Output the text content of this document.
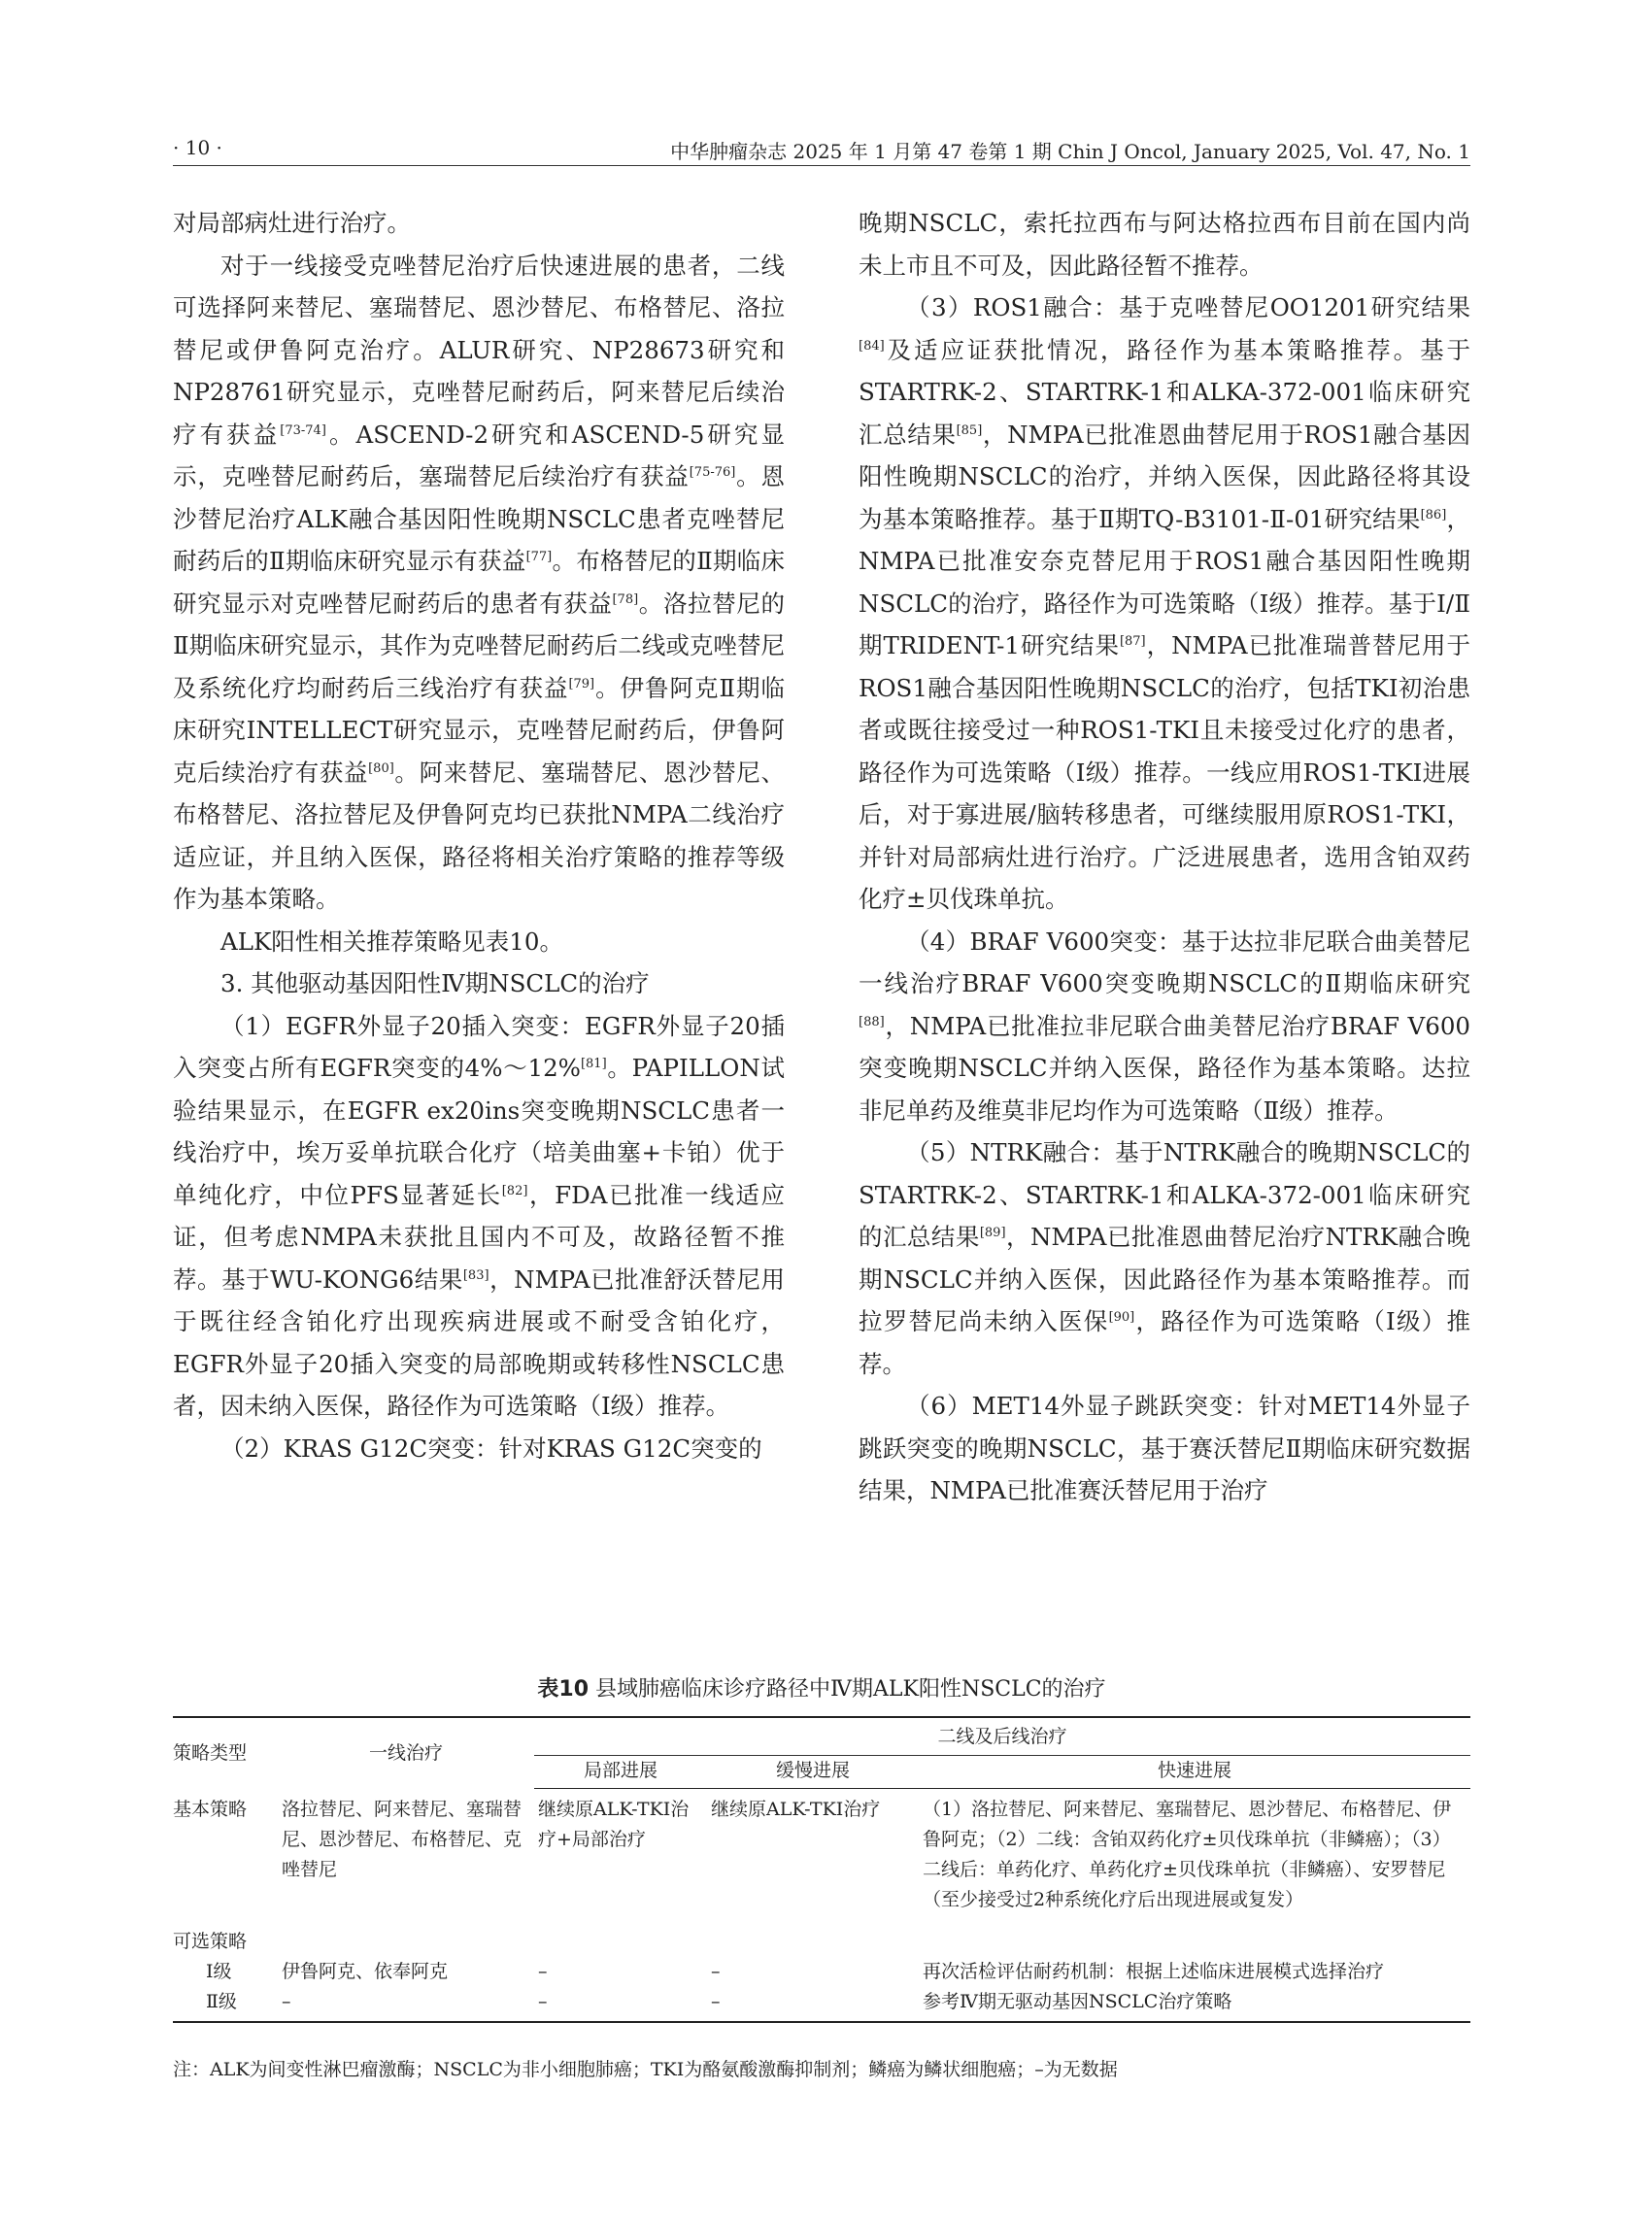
· 10 ·	中华肿瘤杂志 2025 年 1 月第 47 卷第 1 期 Chin J Oncol, January 2025, Vol. 47, No. 1

对局部病灶进行治疗。

对于一线接受克唑替尼治疗后快速进展的患者，二线可选择阿来替尼、塞瑞替尼、恩沙替尼、布格替尼、洛拉替尼或伊鲁阿克治疗。ALUR研究、NP28673研究和NP28761研究显示，克唑替尼耐药后，阿来替尼后续治疗有获益[73-74]。ASCEND-2研究和ASCEND-5研究显示，克唑替尼耐药后，塞瑞替尼后续治疗有获益[75-76]。恩沙替尼治疗ALK融合基因阳性晚期NSCLC患者克唑替尼耐药后的Ⅱ期临床研究显示有获益[77]。布格替尼的Ⅱ期临床研究显示对克唑替尼耐药后的患者有获益[78]。洛拉替尼的Ⅱ期临床研究显示，其作为克唑替尼耐药后二线或克唑替尼及系统化疗均耐药后三线治疗有获益[79]。伊鲁阿克Ⅱ期临床研究INTELLECT研究显示，克唑替尼耐药后，伊鲁阿克后续治疗有获益[80]。阿来替尼、塞瑞替尼、恩沙替尼、布格替尼、洛拉替尼及伊鲁阿克均已获批NMPA二线治疗适应证，并且纳入医保，路径将相关治疗策略的推荐等级作为基本策略。

ALK阳性相关推荐策略见表10。

3. 其他驱动基因阳性Ⅳ期NSCLC的治疗

（1）EGFR外显子20插入突变：EGFR外显子20插入突变占所有EGFR突变的4%～12%[81]。PAPILLON试验结果显示，在EGFR ex20ins突变晚期NSCLC患者一线治疗中，埃万妥单抗联合化疗（培美曲塞+卡铂）优于单纯化疗，中位PFS显著延长[82]，FDA已批准一线适应证，但考虑NMPA未获批且国内不可及，故路径暂不推荐。基于WU-KONG6结果[83]，NMPA已批准舒沃替尼用于既往经含铂化疗出现疾病进展或不耐受含铂化疗，EGFR外显子20插入突变的局部晚期或转移性NSCLC患者，因未纳入医保，路径作为可选策略（Ⅰ级）推荐。

（2）KRAS G12C突变：针对KRAS G12C突变的

晚期NSCLC，索托拉西布与阿达格拉西布目前在国内尚未上市且不可及，因此路径暂不推荐。

（3）ROS1融合：基于克唑替尼OO1201研究结果[84]及适应证获批情况，路径作为基本策略推荐。基于STARTRK-2、STARTRK-1和ALKA-372-001临床研究汇总结果[85]，NMPA已批准恩曲替尼用于ROS1融合基因阳性晚期NSCLC的治疗，并纳入医保，因此路径将其设为基本策略推荐。基于Ⅱ期TQ-B3101-Ⅱ-01研究结果[86]，NMPA已批准安奈克替尼用于ROS1融合基因阳性晚期NSCLC的治疗，路径作为可选策略（Ⅰ级）推荐。基于Ⅰ/Ⅱ期TRIDENT-1研究结果[87]，NMPA已批准瑞普替尼用于ROS1融合基因阳性晚期NSCLC的治疗，包括TKI初治患者或既往接受过一种ROS1-TKI且未接受过化疗的患者，路径作为可选策略（Ⅰ级）推荐。一线应用ROS1-TKI进展后，对于寡进展/脑转移患者，可继续服用原ROS1-TKI，并针对局部病灶进行治疗。广泛进展患者，选用含铂双药化疗±贝伐珠单抗。

（4）BRAF V600突变：基于达拉非尼联合曲美替尼一线治疗BRAF V600突变晚期NSCLC的Ⅱ期临床研究[88]，NMPA已批准拉非尼联合曲美替尼治疗BRAF V600突变晚期NSCLC并纳入医保，路径作为基本策略。达拉非尼单药及维莫非尼均作为可选策略（Ⅱ级）推荐。

（5）NTRK融合：基于NTRK融合的晚期NSCLC的STARTRK-2、STARTRK-1和ALKA-372-001临床研究的汇总结果[89]，NMPA已批准恩曲替尼治疗NTRK融合晚期NSCLC并纳入医保，因此路径作为基本策略推荐。而拉罗替尼尚未纳入医保[90]，路径作为可选策略（Ⅰ级）推荐。

（6）MET14外显子跳跃突变：针对MET14外显子跳跃突变的晚期NSCLC，基于赛沃替尼Ⅱ期临床研究数据结果，NMPA已批准赛沃替尼用于治疗

表10 县域肺癌临床诊疗路径中Ⅳ期ALK阳性NSCLC的治疗
策略类型	一线治疗	二线及后线治疗		
		局部进展	缓慢进展	快速进展
基本策略	洛拉替尼、阿来替尼、塞瑞替尼、恩沙替尼、布格替尼、克唑替尼	继续原ALK-TKI治疗+局部治疗	继续原ALK-TKI治疗	（1）洛拉替尼、阿来替尼、塞瑞替尼、恩沙替尼、布格替尼、伊鲁阿克；（2）二线：含铂双药化疗±贝伐珠单抗（非鳞癌）；（3）二线后：单药化疗、单药化疗±贝伐珠单抗（非鳞癌）、安罗替尼（至少接受过2种系统化疗后出现进展或复发）
可选策略				
Ⅰ级	伊鲁阿克、依奉阿克	–	–	再次活检评估耐药机制：根据上述临床进展模式选择治疗
Ⅱ级	–	–	–	参考Ⅳ期无驱动基因NSCLC治疗策略
注：ALK为间变性淋巴瘤激酶；NSCLC为非小细胞肺癌；TKI为酪氨酸激酶抑制剂；鳞癌为鳞状细胞癌；–为无数据
